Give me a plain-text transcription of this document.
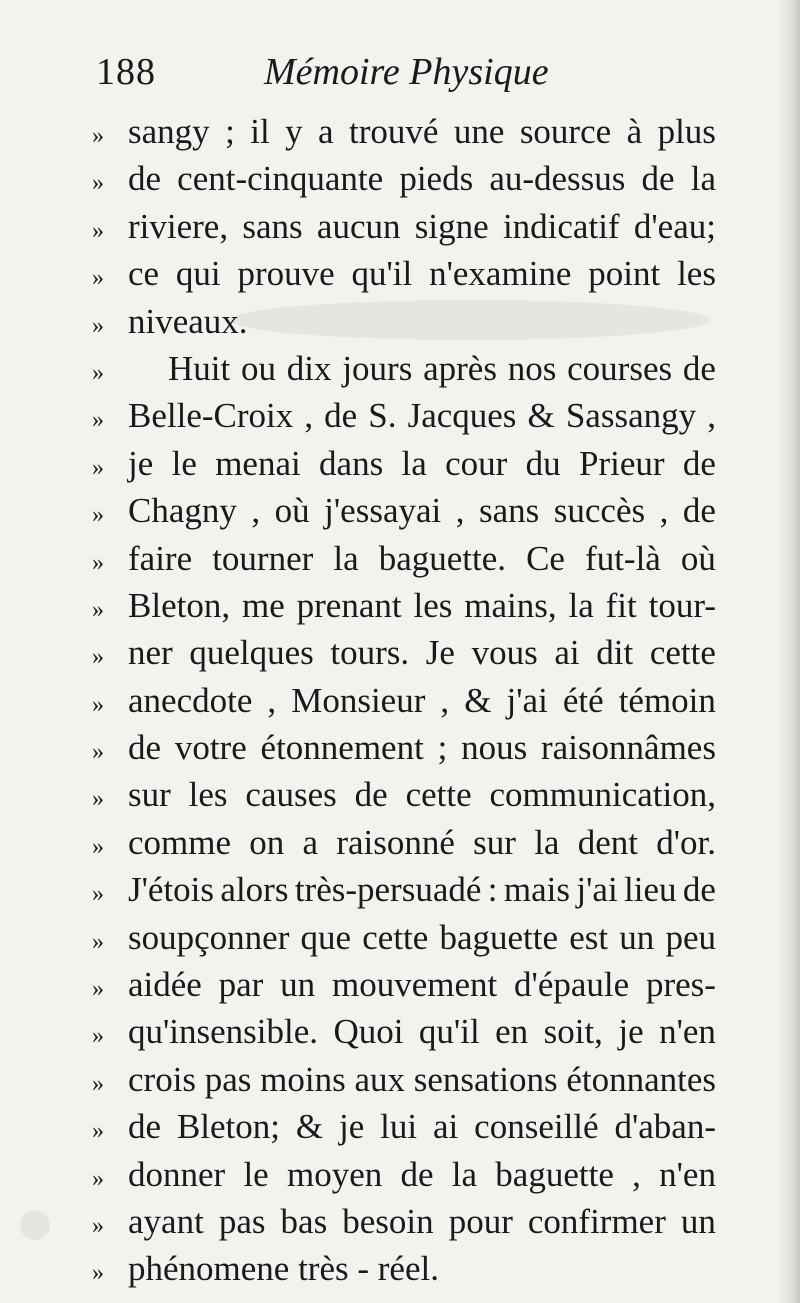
188	Mémoire Physique
» sangy ; il y a trouvé une source à plus
» de cent-cinquante pieds au-dessus de la
» riviere, sans aucun signe indicatif d'eau;
» ce qui prouve qu'il n'examine point les
» niveaux.
»	Huit ou dix jours après nos courses de
» Belle-Croix , de S. Jacques & Sassangy ,
» je le menai dans la cour du Prieur de
» Chagny , où j'essayai , sans succès , de
» faire tourner la baguette. Ce fut-là où
» Bleton, me prenant les mains, la fit tour-
» ner quelques tours. Je vous ai dit cette
» anecdote , Monsieur , & j'ai été témoin
» de votre étonnement ; nous raisonnâmes
» sur les causes de cette communication,
» comme on a raisonné sur la dent d'or.
» J'étois alors très-persuadé : mais j'ai lieu de
» soupçonner que cette baguette est un peu
» aidée par un mouvement d'épaule pres-
» qu'insensible. Quoi qu'il en soit, je n'en
» crois pas moins aux sensations étonnantes
» de Bleton; & je lui ai conseillé d'aban-
» donner le moyen de la baguette , n'en
» ayant pas bas besoin pour confirmer un
» phénomene très - réel.
